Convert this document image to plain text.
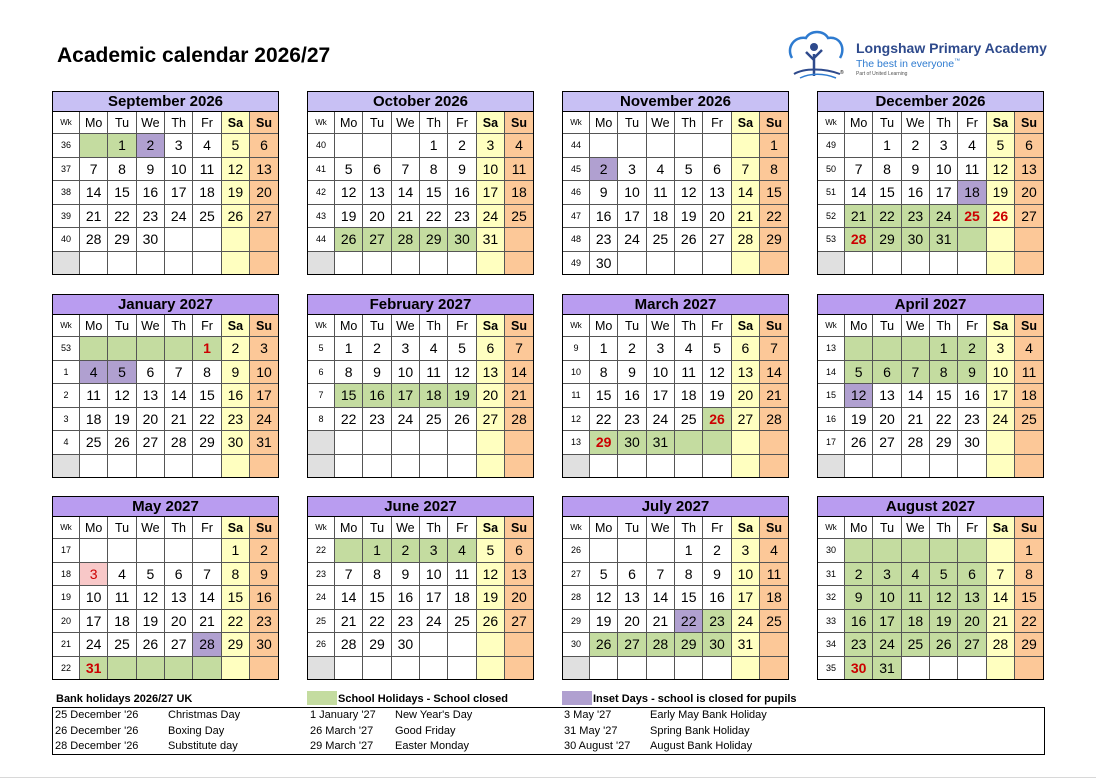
Academic calendar 2026/27
®
Longshaw Primary Academy
The best in everyone™
Part of United Learning
September 2026
Wk	Mo	Tu	We	Th	Fr	Sa	Su
36		1	2	3	4	5	6
37	7	8	9	10	11	12	13
38	14	15	16	17	18	19	20
39	21	22	23	24	25	26	27
40	28	29	30				

October 2026
Wk	Mo	Tu	We	Th	Fr	Sa	Su
40				1	2	3	4
41	5	6	7	8	9	10	11
42	12	13	14	15	16	17	18
43	19	20	21	22	23	24	25
44	26	27	28	29	30	31	

November 2026
Wk	Mo	Tu	We	Th	Fr	Sa	Su
44							1
45	2	3	4	5	6	7	8
46	9	10	11	12	13	14	15
47	16	17	18	19	20	21	22
48	23	24	25	26	27	28	29
49	30						
December 2026
Wk	Mo	Tu	We	Th	Fr	Sa	Su
49		1	2	3	4	5	6
50	7	8	9	10	11	12	13
51	14	15	16	17	18	19	20
52	21	22	23	24	25	26	27
53	28	29	30	31			

January 2027
Wk	Mo	Tu	We	Th	Fr	Sa	Su
53					1	2	3
1	4	5	6	7	8	9	10
2	11	12	13	14	15	16	17
3	18	19	20	21	22	23	24
4	25	26	27	28	29	30	31

February 2027
Wk	Mo	Tu	We	Th	Fr	Sa	Su
5	1	2	3	4	5	6	7
6	8	9	10	11	12	13	14
7	15	16	17	18	19	20	21
8	22	23	24	25	26	27	28

March 2027
Wk	Mo	Tu	We	Th	Fr	Sa	Su
9	1	2	3	4	5	6	7
10	8	9	10	11	12	13	14
11	15	16	17	18	19	20	21
12	22	23	24	25	26	27	28
13	29	30	31				

April 2027
Wk	Mo	Tu	We	Th	Fr	Sa	Su
13				1	2	3	4
14	5	6	7	8	9	10	11
15	12	13	14	15	16	17	18
16	19	20	21	22	23	24	25
17	26	27	28	29	30		

May 2027
Wk	Mo	Tu	We	Th	Fr	Sa	Su
17						1	2
18	3	4	5	6	7	8	9
19	10	11	12	13	14	15	16
20	17	18	19	20	21	22	23
21	24	25	26	27	28	29	30
22	31						
June 2027
Wk	Mo	Tu	We	Th	Fr	Sa	Su
22		1	2	3	4	5	6
23	7	8	9	10	11	12	13
24	14	15	16	17	18	19	20
25	21	22	23	24	25	26	27
26	28	29	30				

July 2027
Wk	Mo	Tu	We	Th	Fr	Sa	Su
26				1	2	3	4
27	5	6	7	8	9	10	11
28	12	13	14	15	16	17	18
29	19	20	21	22	23	24	25
30	26	27	28	29	30	31	

August 2027
Wk	Mo	Tu	We	Th	Fr	Sa	Su
30							1
31	2	3	4	5	6	7	8
32	9	10	11	12	13	14	15
33	16	17	18	19	20	21	22
34	23	24	25	26	27	28	29
35	30	31					
Bank holidays 2026/27 UK	School Holidays - School closed	Inset Days - school is closed for pupils
25 December '26	Christmas Day
26 December '26	Boxing Day
28 December '26	Substitute day
1 January '27 New Year's Day
26 March '27 Good Friday
29 March '27 Easter Monday
3 May '27	Early May Bank Holiday
31 May '27	Spring Bank Holiday
30 August '27 August Bank Holiday
